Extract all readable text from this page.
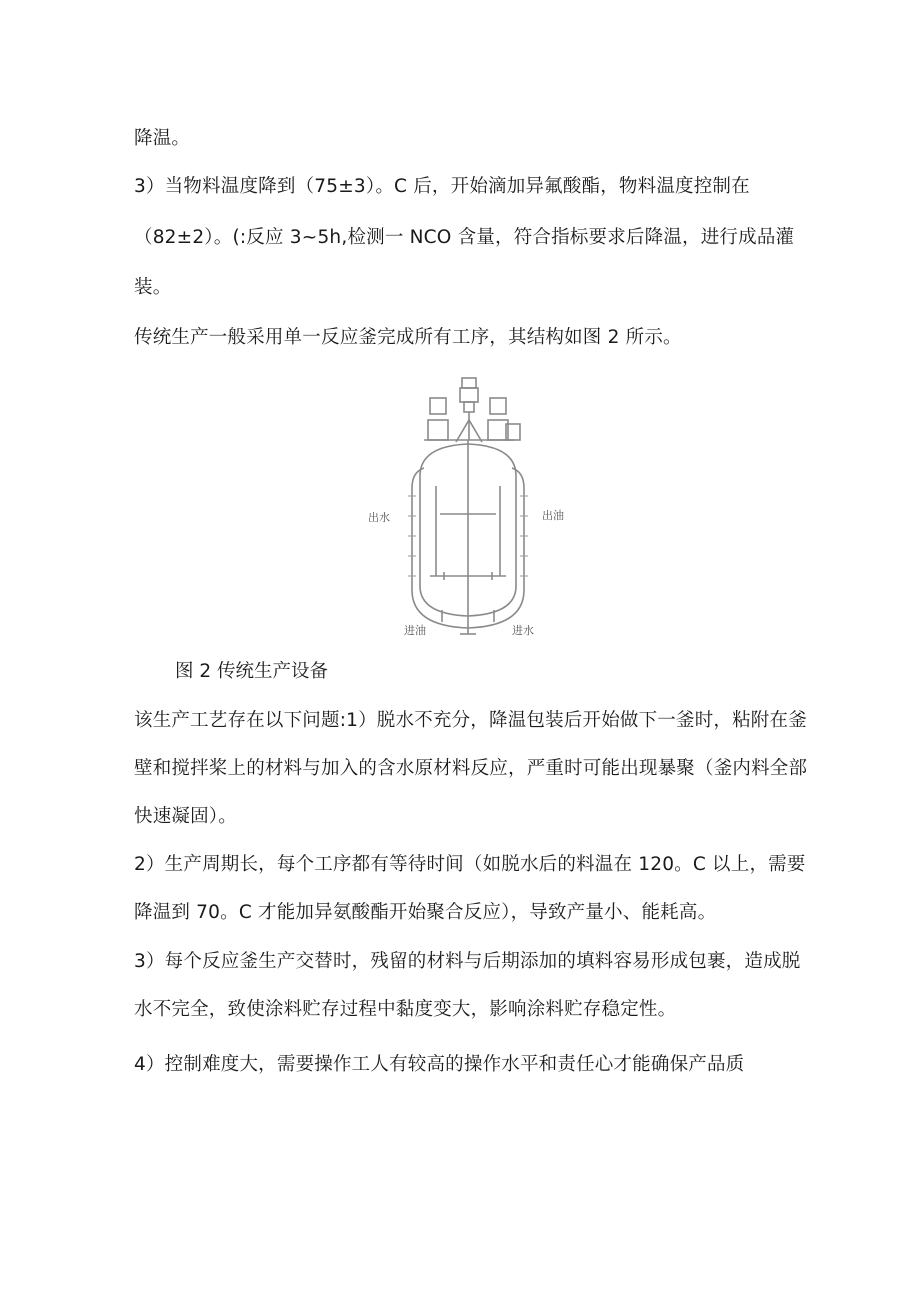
降温。
3）当物料温度降到（75±3）。C 后，开始滴加异氟酸酯，物料温度控制在
（82±2）。(:反应 3~5h,检测一 NCO 含量，符合指标要求后降温，进行成品灌
装。
传统生产一般采用单一反应釜完成所有工序，其结构如图 2 所示。
出水	出油
进油	进水
图 2 传统生产设备
该生产工艺存在以下问题:1）脱水不充分，降温包装后开始做下一釜时，粘附在釜
壁和搅拌桨上的材料与加入的含水原材料反应，严重时可能出现暴聚（釜内料全部
快速凝固）。
2）生产周期长，每个工序都有等待时间（如脱水后的料温在 120。C 以上，需要
降温到 70。C 才能加异氨酸酯开始聚合反应），导致产量小、能耗高。
3）每个反应釜生产交替时，残留的材料与后期添加的填料容易形成包裹，造成脱
水不完全，致使涂料贮存过程中黏度变大，影响涂料贮存稳定性。
4）控制难度大，需要操作工人有较高的操作水平和责任心才能确保产品质
